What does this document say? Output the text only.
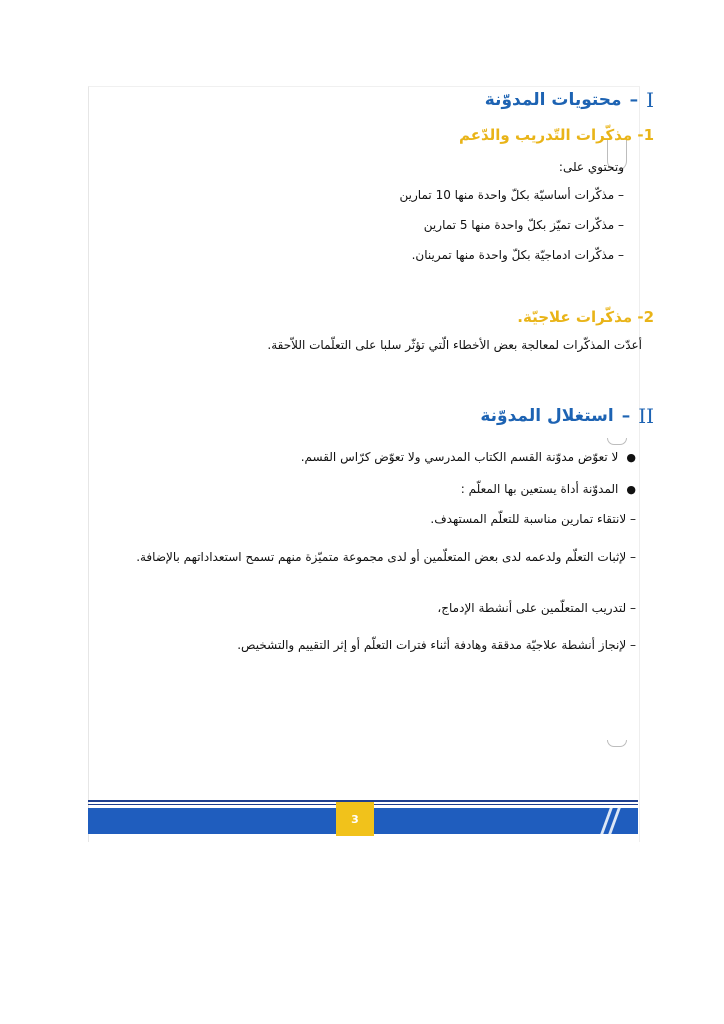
I
–
محتويات المدوّنة
1- مذكّرات التّدريب والدّعم
وتحتوي على:
– مذكّرات أساسيّة بكلّ واحدة منها 10 تمارين
– مذكّرات تميّز بكلّ واحدة منها 5 تمارين
– مذكّرات ادماجيّة بكلّ واحدة منها تمرينان.
2- مذكّرات علاجيّة.
أعدّت المذكّرات لمعالجة بعض الأخطاء الّتي تؤثّر سلبا على التعلّمات اللاّحقة.
II
–
استغلال المدوّنة
● لا تعوّض مدوّنة القسم الكتاب المدرسي ولا تعوّض كرّاس القسم.
● المدوّنة أداة يستعين بها المعلّم :
– لانتقاء تمارين مناسبة للتعلّم المستهدف.
– لإثبات التعلّم ولدعمه لدى بعض المتعلّمين أو لدى مجموعة متميّزة منهم تسمح استعداداتهم بالإضافة.
– لتدريب المتعلّمين على أنشطة الإدماج،
– لإنجاز أنشطة علاجيّة مدققة وهادفة أثناء فترات التعلّم أو إثر التقييم والتشخيص.
3
